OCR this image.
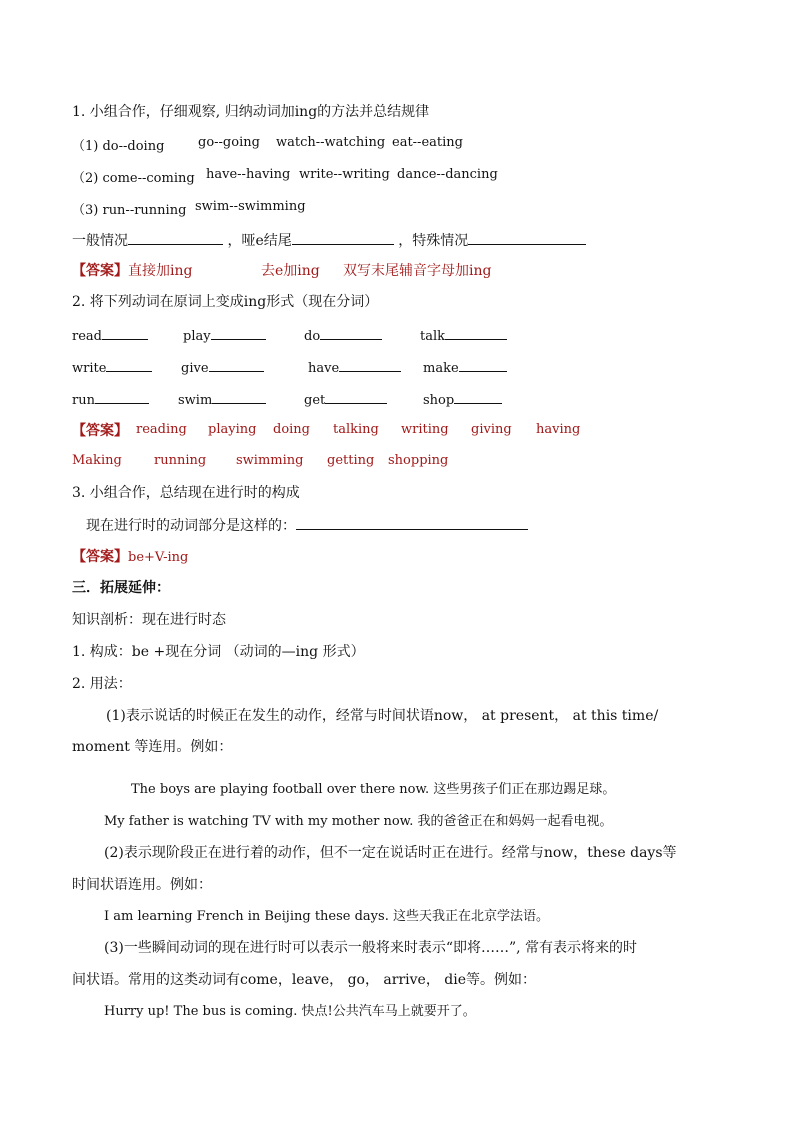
1. 小组合作，仔细观察, 归纳动词加ing的方法并总结规律
（1) do--doing	go--going watch--watching eat--eating
（2) come--coming have--having write--writing dance--dancing
（3) run--running swim--swimming
一般情况	，哑e结尾	，特殊情况
【答案】直接加ing	去e加ing 双写末尾辅音字母加ing
2. 将下列动词在原词上变成ing形式（现在分词）
read	play	do	talk
write	give	have	make
run	swim	get	shop
【答案】 reading playing doing talking writing giving having
Making running swimming getting shopping
3. 小组合作，总结现在进行时的构成
现在进行时的动词部分是这样的：
【答案】be+V-ing
三．拓展延伸：
知识剖析：现在进行时态
1. 构成：be +现在分词 （动词的—ing 形式）
2. 用法：
(1)表示说话的时候正在发生的动作，经常与时间状语now， at present， at this time/
moment 等连用。例如：
The boys are playing football over there now. 这些男孩子们正在那边踢足球。
My father is watching TV with my mother now. 我的爸爸正在和妈妈一起看电视。
(2)表示现阶段正在进行着的动作，但不一定在说话时正在进行。经常与now，these days等
时间状语连用。例如：
I am learning French in Beijing these days. 这些天我正在北京学法语。
(3)一些瞬间动词的现在进行时可以表示一般将来时表示“即将……”, 常有表示将来的时
间状语。常用的这类动词有come，leave， go， arrive， die等。例如：
Hurry up! The bus is coming. 快点!公共汽车马上就要开了。
